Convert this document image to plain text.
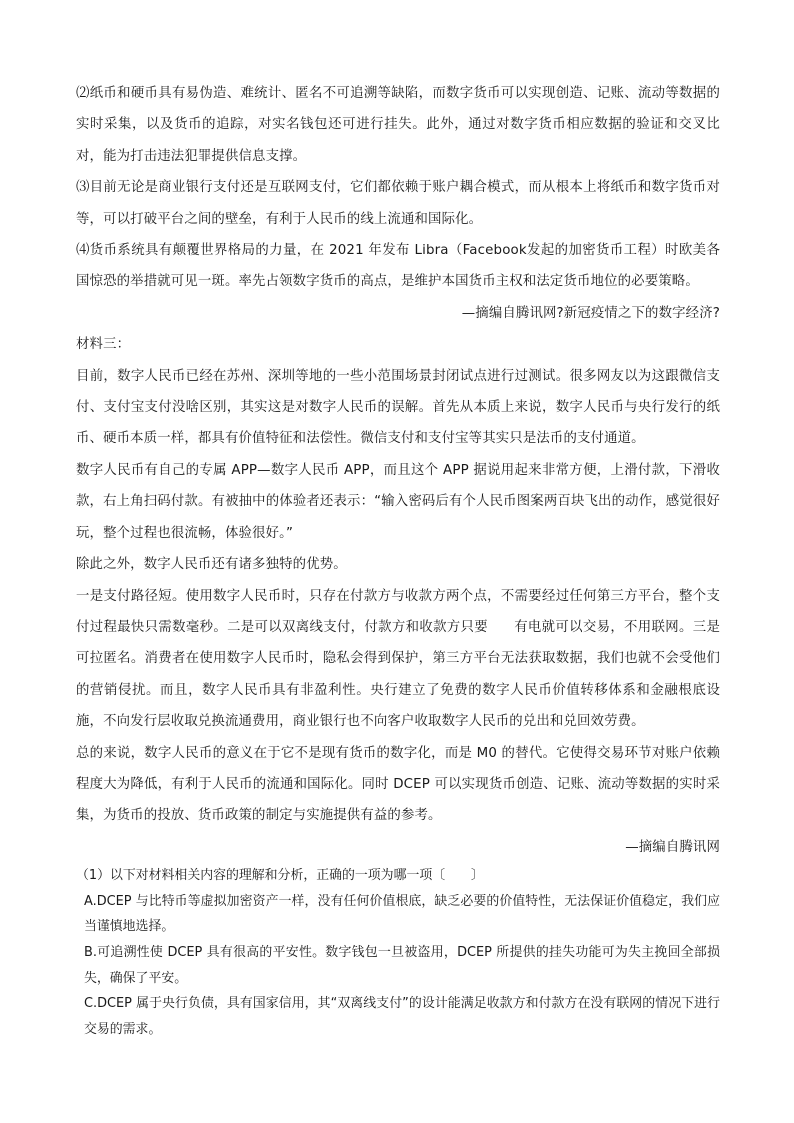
⑵纸币和硬币具有易伪造、难统计、匿名不可追溯等缺陷，而数字货币可以实现创造、记账、流动等数据的实时采集，以及货币的追踪，对实名钱包还可进行挂失。此外，通过对数字货币相应数据的验证和交叉比对，能为打击违法犯罪提供信息支撑。

⑶目前无论是商业银行支付还是互联网支付，它们都依赖于账户耦合模式，而从根本上将纸币和数字货币对等，可以打破平台之间的壁垒，有利于人民币的线上流通和国际化。

⑷货币系统具有颠覆世界格局的力量，在 2021 年发布 Libra（Facebook发起的加密货币工程）时欧美各国惊恐的举措就可见一斑。率先占领数字货币的高点，是维护本国货币主权和法定货币地位的必要策略。

—摘编自腾讯网?新冠疫情之下的数字经济?

材料三：

目前，数字人民币已经在苏州、深圳等地的一些小范围场景封闭试点进行过测试。很多网友以为这跟微信支付、支付宝支付没啥区别，其实这是对数字人民币的误解。首先从本质上来说，数字人民币与央行发行的纸币、硬币本质一样，都具有价值特征和法偿性。微信支付和支付宝等其实只是法币的支付通道。

数字人民币有自己的专属 APP—数字人民币 APP，而且这个 APP 据说用起来非常方便，上滑付款，下滑收款，右上角扫码付款。有被抽中的体验者还表示：“输入密码后有个人民币图案两百块飞出的动作，感觉很好玩，整个过程也很流畅，体验很好。”

除此之外，数字人民币还有诸多独特的优势。

一是支付路径短。使用数字人民币时，只存在付款方与收款方两个点，不需要经过任何第三方平台，整个支付过程最快只需数毫秒。二是可以双离线支付，付款方和收款方只要 有电就可以交易，不用联网。三是可拉匿名。消费者在使用数字人民币时，隐私会得到保护，第三方平台无法获取数据，我们也就不会受他们的营销侵扰。而且，数字人民币具有非盈利性。央行建立了免费的数字人民币价值转移体系和金融根底设施，不向发行层收取兑换流通费用，商业银行也不向客户收取数字人民币的兑出和兑回效劳费。

总的来说，数字人民币的意义在于它不是现有货币的数字化，而是 M0 的替代。它使得交易环节对账户依赖程度大为降低，有利于人民币的流通和国际化。同时 DCEP 可以实现货币创造、记账、流动等数据的实时采集，为货币的投放、货币政策的制定与实施提供有益的参考。

—摘编自腾讯网

（1）以下对材料相关内容的理解和分析，正确的一项为哪一项〔　　〕

A.DCEP 与比特币等虚拟加密资产一样，没有任何价值根底，缺乏必要的价值特性，无法保证价值稳定，我们应当谨慎地选择。

B.可追溯性使 DCEP 具有很高的平安性。数字钱包一旦被盗用，DCEP 所提供的挂失功能可为失主挽回全部损失，确保了平安。

C.DCEP 属于央行负债，具有国家信用，其“双离线支付”的设计能满足收款方和付款方在没有联网的情况下进行交易的需求。
